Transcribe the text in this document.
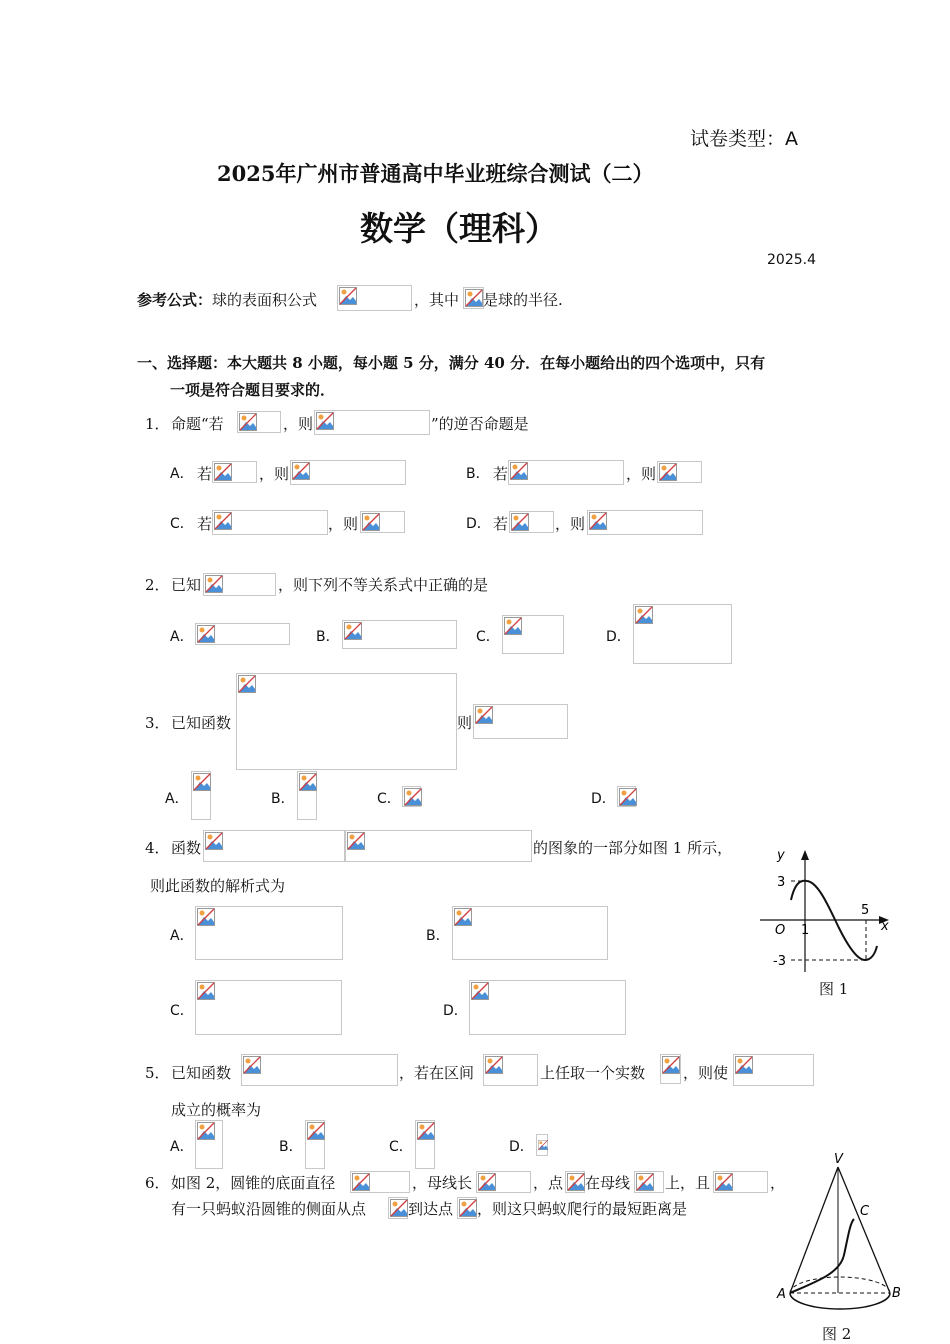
试卷类型：A
2025年广州市普通高中毕业班综合测试（二）
数学（理科）
2025.4
参考公式：球的表面积公式	，其中 是球的半径.
一、选择题：本大题共 8 小题，每小题 5 分，满分 40 分．在每小题给出的四个选项中，只有
一项是符合题目要求的．
1． 命题“若	，则	”的逆否命题是
A． 若	，则	B． 若	，则
C． 若	，则	D． 若	，则
2． 已知	，则下列不等关系式中正确的是
A．	B．	C．	D．
3． 已知函数	则
A．	B．	C．	D．
4． 函数	的图象的一部分如图 1 所示，
则此函数的解析式为
A．	B．
C．	D．
y
x
O
3
-3
1
5
图 1
5． 已知函数	，若在区间	上任取一个实数	，则使
成立的概率为
A．	B．	C．	D．
6． 如图 2，圆锥的底面直径	，母线长	，点 在母线 上，且	，
有一只蚂蚁沿圆锥的侧面从点	到达点 ，则这只蚂蚁爬行的最短距离是
V
C
A	B
图 2
